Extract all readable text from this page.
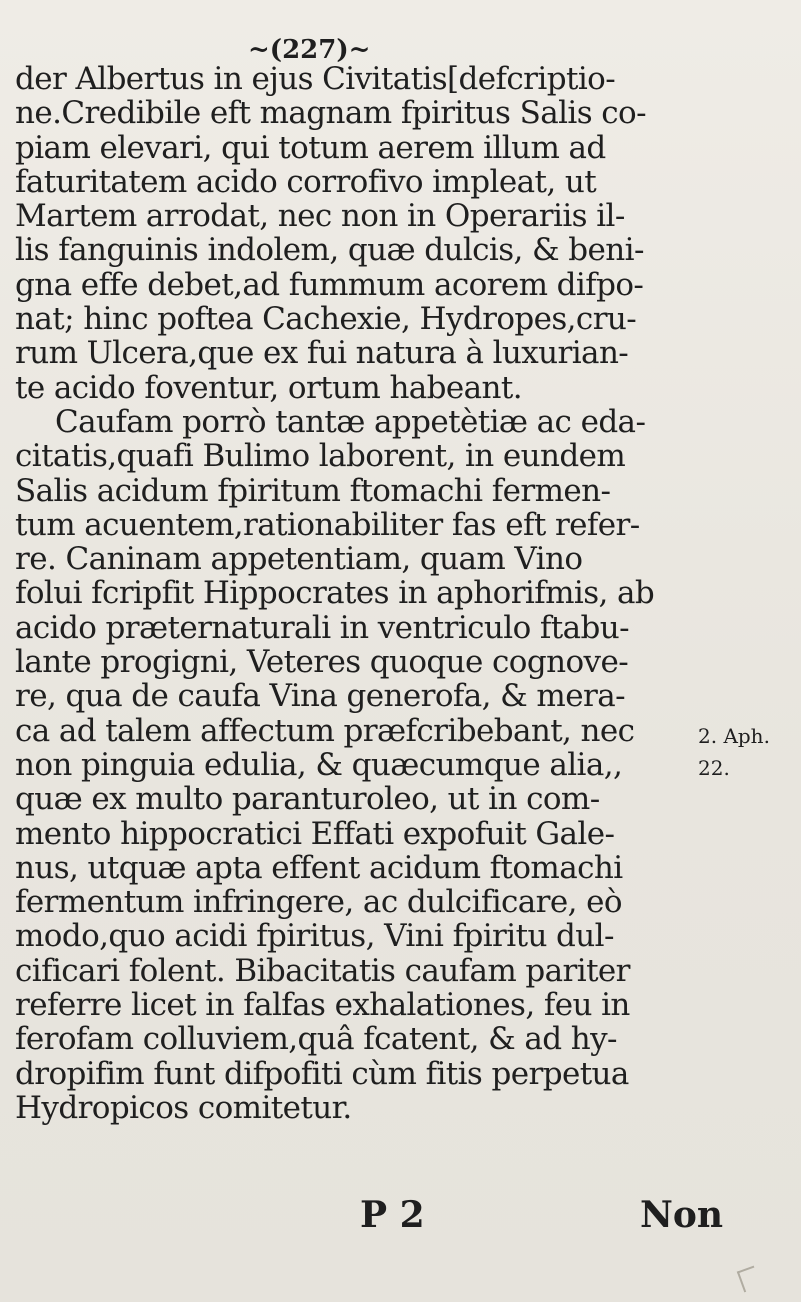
~(227)~
der Albertus in ejus Civitatis[defcriptio-
ne.Credibile eft magnam fpiritus Salis co-
piam elevari, qui totum aerem illum ad
faturitatem acido corrofivo impleat, ut
Martem arrodat, nec non in Operariis il-
lis fanguinis indolem, quæ dulcis, & beni-
gna effe debet,ad fummum acorem difpo-
nat; hinc poftea Cachexie, Hydropes,cru-
rum Ulcera,que ex fui natura à luxurian-
te acido foventur, ortum habeant.
Caufam porrò tantæ appetètiæ ac eda-
citatis,quafi Bulimo laborent, in eundem
Salis acidum fpiritum ftomachi fermen-
tum acuentem,rationabiliter fas eft refer-
re. Caninam appetentiam, quam Vino
folui fcripfit Hippocrates in aphorifmis, ab
acido præternaturali in ventriculo ftabu-
lante progigni, Veteres quoque cognove-
re, qua de caufa Vina generofa, & mera-
ca ad talem affectum præfcribebant, nec
non pinguia edulia, & quæcumque alia,,
quæ ex multo paranturoleo, ut in com-
mento hippocratici Effati expofuit Gale-
nus, utquæ apta effent acidum ftomachi
fermentum infringere, ac dulcificare, eò
modo,quo acidi fpiritus, Vini fpiritu dul-
cificari folent. Bibacitatis caufam pariter
referre licet in falfas exhalationes, feu in
ferofam colluviem,quâ fcatent, & ad hy-
dropifim funt difpofiti cùm fitis perpetua
Hydropicos comitetur.
2. Aph.
22.
P 2	Non
